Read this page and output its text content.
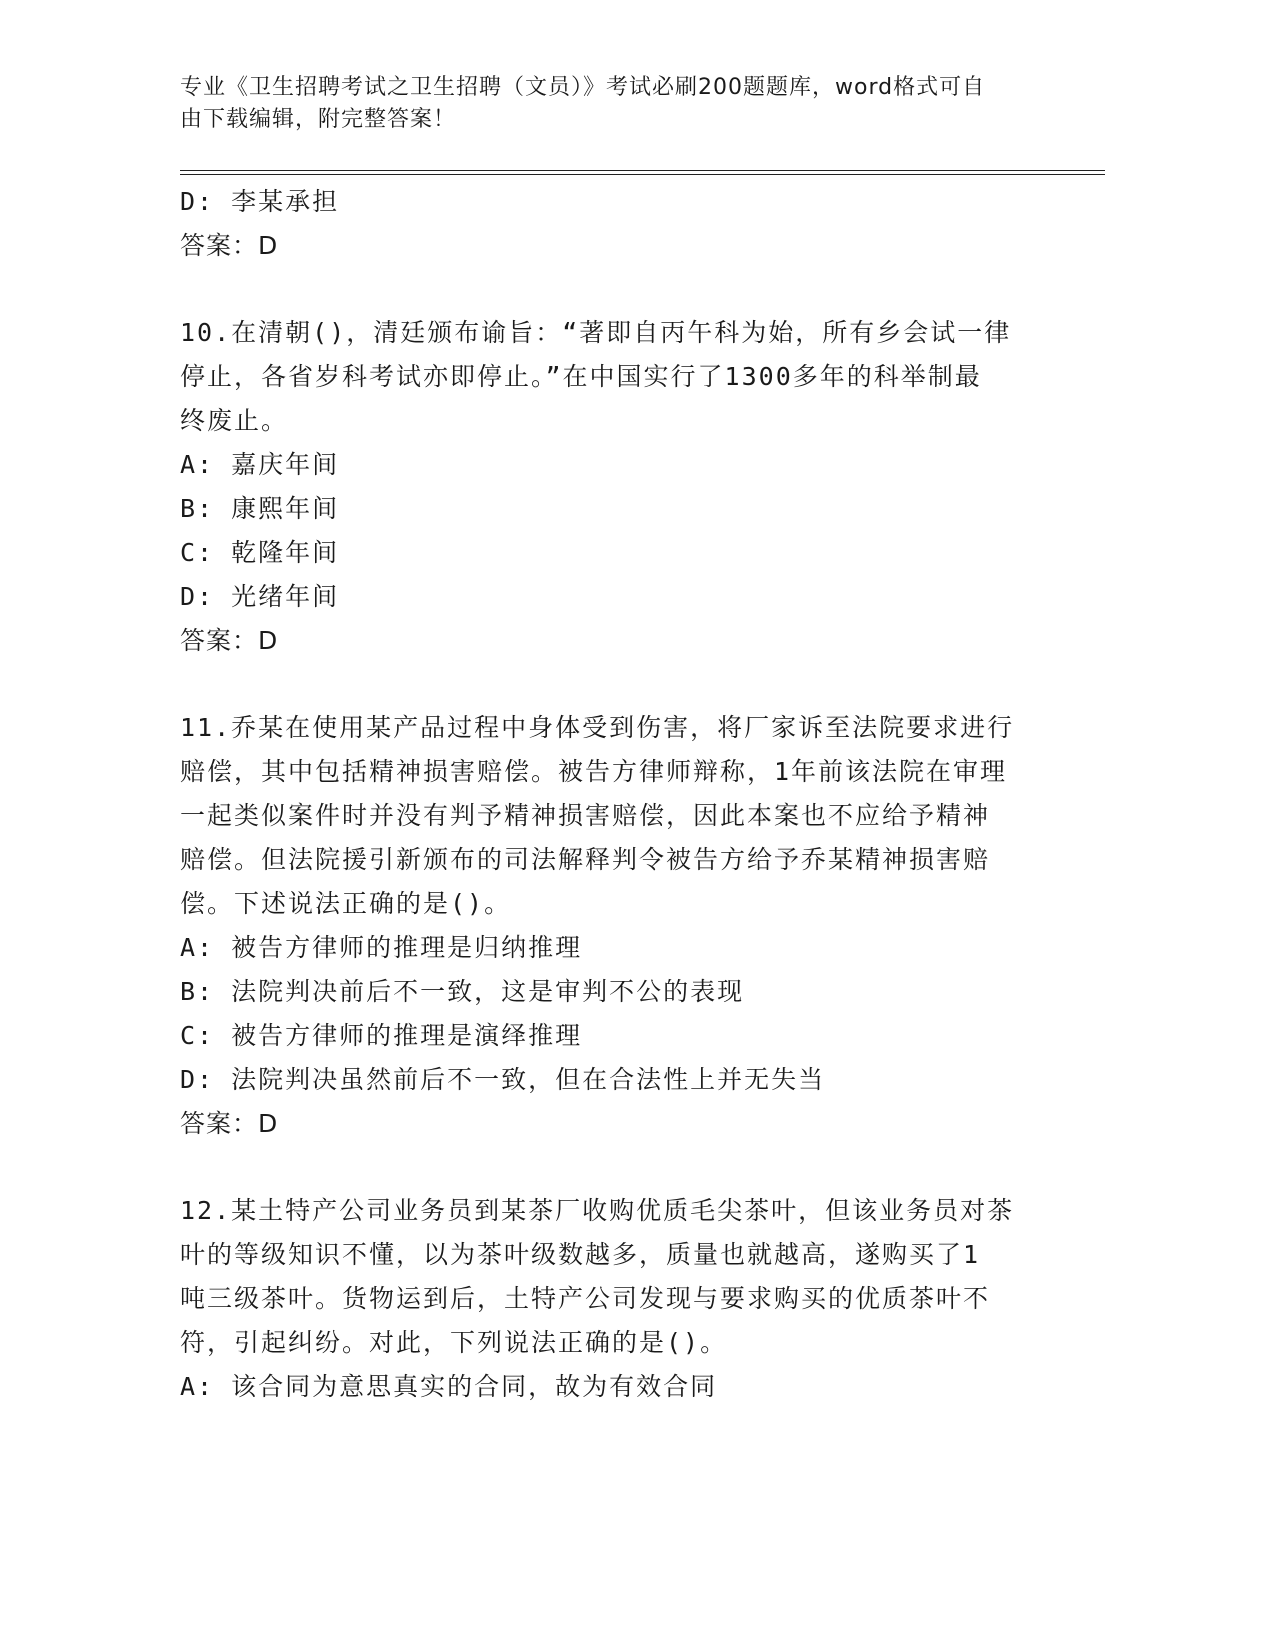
专业《卫生招聘考试之卫生招聘（文员）》考试必刷200题题库，word格式可自
由下载编辑，附完整答案！
D: 李某承担
答案：D
10.在清朝()，清廷颁布谕旨：“著即自丙午科为始，所有乡会试一律
停止，各省岁科考试亦即停止。”在中国实行了1300多年的科举制最
终废止。
A: 嘉庆年间
B: 康熙年间
C: 乾隆年间
D: 光绪年间
答案：D
11.乔某在使用某产品过程中身体受到伤害，将厂家诉至法院要求进行
赔偿，其中包括精神损害赔偿。被告方律师辩称，1年前该法院在审理
一起类似案件时并没有判予精神损害赔偿，因此本案也不应给予精神
赔偿。但法院援引新颁布的司法解释判令被告方给予乔某精神损害赔
偿。下述说法正确的是()。
A: 被告方律师的推理是归纳推理
B: 法院判决前后不一致，这是审判不公的表现
C: 被告方律师的推理是演绎推理
D: 法院判决虽然前后不一致，但在合法性上并无失当
答案：D
12.某土特产公司业务员到某茶厂收购优质毛尖茶叶，但该业务员对茶
叶的等级知识不懂，以为茶叶级数越多，质量也就越高，遂购买了1
吨三级茶叶。货物运到后，土特产公司发现与要求购买的优质茶叶不
符，引起纠纷。对此，下列说法正确的是()。
A: 该合同为意思真实的合同，故为有效合同
